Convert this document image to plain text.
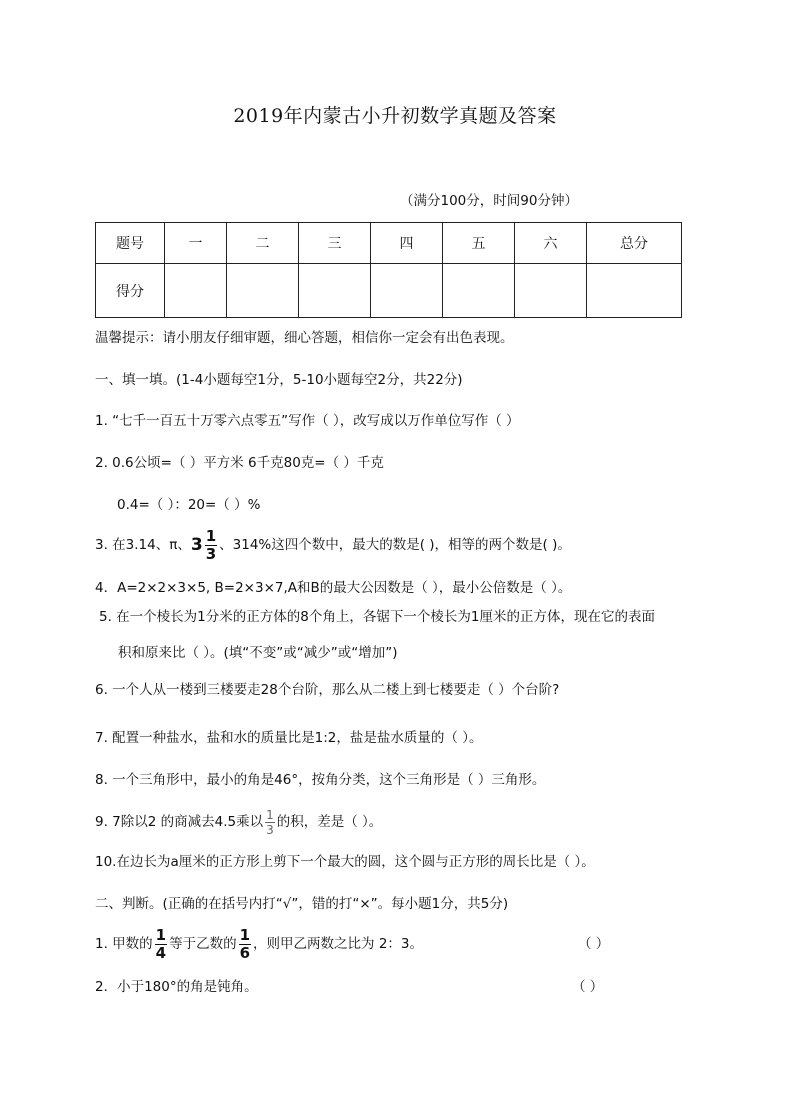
2019年内蒙古小升初数学真题及答案
（满分100分，时间90分钟）
题号	一	二	三	四	五	六	总分
得分							
温馨提示：请小朋友仔细审题，细心答题，相信你一定会有出色表现。
一、填一填。(1-4小题每空1分，5-10小题每空2分，共22分)
1. “七千一百五十万零六点零五”写作（ ），改写成以万作单位写作（ ）
2. 0.6公顷=（ ）平方米 6千克80克=（ ）千克
0.4=（ ）：20=（ ）%
3. 在3.14、π、$3 \frac{1}{3}$ 、314%这四个数中，最大的数是( )，相等的两个数是( )。
4．A=2×2×3×5, B=2×3×7,A和B的最大公因数是（ ），最小公倍数是（ ）。
5. 在一个棱长为1分米的正方体的8个角上，各锯下一个棱长为1厘米的正方体，现在它的表面
积和原来比（ ）。(填“不变”或“减少”或“增加”)
6. 一个人从一楼到三楼要走28个台阶，那么从二楼上到七楼要走（ ）个台阶?
7. 配置一种盐水，盐和水的质量比是1:2，盐是盐水质量的（ ）。
8. 一个三角形中，最小的角是46°，按角分类，这个三角形是（ ）三角形。
9. 7除以2 的商减去4.5乘以 $\frac{1}{3}$ 的积，差是（ ）。
10.在边长为a厘米的正方形上剪下一个最大的圆，这个圆与正方形的周长比是（ ）。
二、判断。(正确的在括号内打“√”，错的打“×”。每小题1分，共5分)
1. 甲数的 $\frac{1}{4}$ 等于乙数的 $\frac{1}{6}$ ，则甲乙两数之比为 2：3。	（ ）
2．小于180°的角是钝角。	（ ）
